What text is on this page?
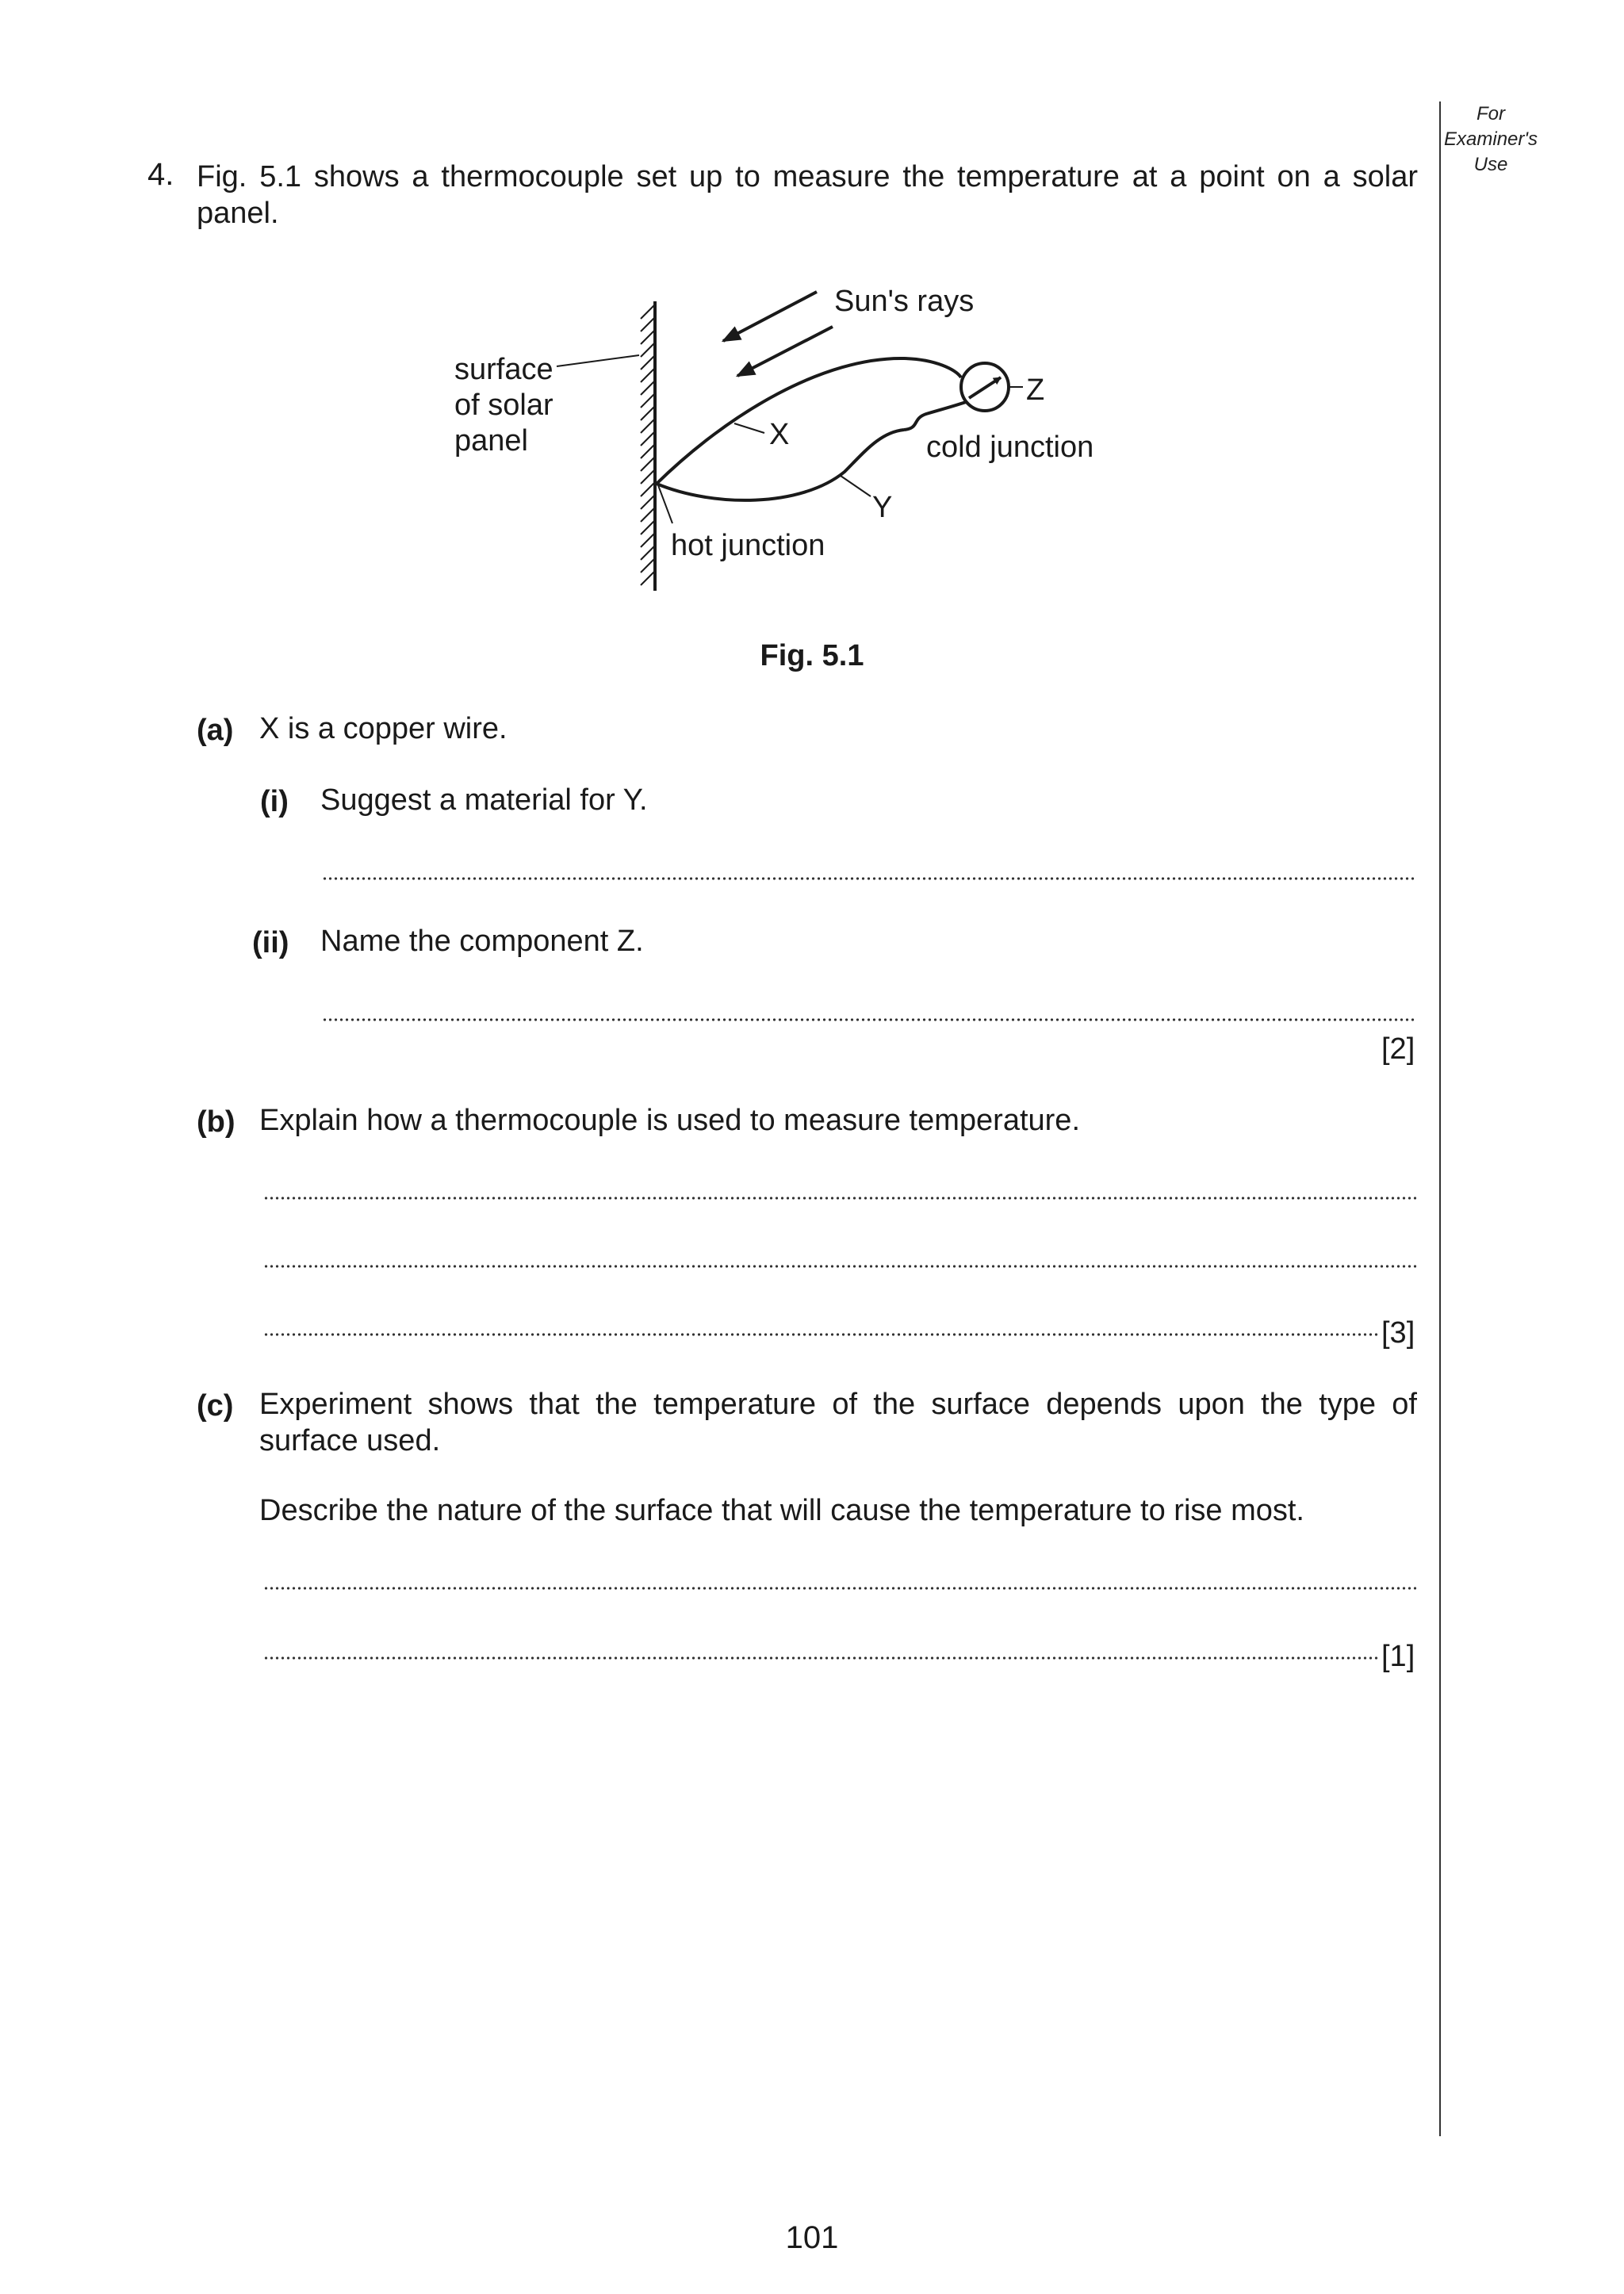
For
Examiner's
Use
4. Fig. 5.1 shows a thermocouple set up to measure the temperature at a point on a solar panel.
Sun's rays
surface
of solar
panel	X
Y
Z
cold junction
hot junction
Fig. 5.1
(a) X is a copper wire.
(i) Suggest a material for Y.
(ii) Name the component Z.
[2]
(b) Explain how a thermocouple is used to measure temperature.
[3]
(c) Experiment shows that the temperature of the surface depends upon the type of surface used.
Describe the nature of the surface that will cause the temperature to rise most.
[1]
101
